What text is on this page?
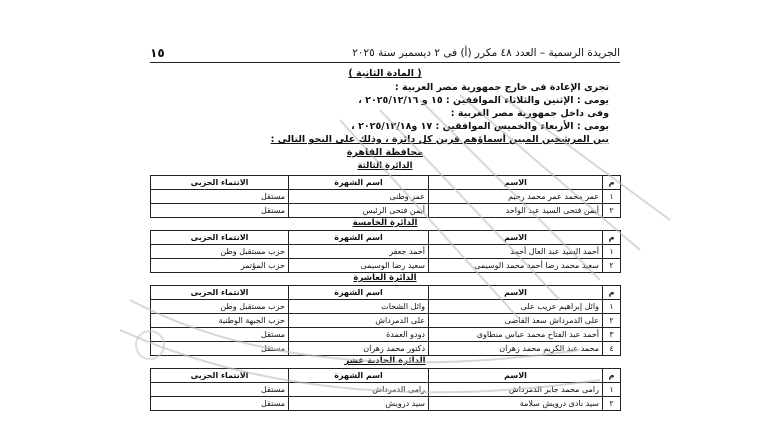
الجريدة الرسمية – العدد ٤٨ مكرر (أ) فى ٢ ديسمبر سنة ٢٠٢٥
١٥
( المادة الثانية )
تجرى الإعادة فى خارج جمهورية مصر العربية :
يومى : الإثنين والثلاثاء الموافقين : ١٥ و ٢٠٢٥/١٢/١٦ ،
وفى داخل جمهورية مصر العربية :
يومى : الأربعاء والخميس الموافقين : ١٧ و٢٠٢٥/١٢/١٨ ،
بين المرشحين المبين أسماؤهم قرين كل دائرة ، وذلك على النحو التالى :
محافظة القاهرة
الدائرة الثالثة
م	الاسم	اسم الشهرة	الانتماء الحزبى
١	عمر محمد عمر محمد رحيم	عمر وطنى	مستقل
٢	أيمن فتحى السيد عبد الواحد	أيمن فتحى الرئيس	مستقل
الدائرة الخامسة
م	الاسم	اسم الشهرة	الانتماء الحزبى
١	أحمد السيد عبد العال أحمد	أحمد جعفر	حزب مستقبل وطن
٢	سعيد محمد رضا أحمد محمد الوسيمى	سعيد رضا الوسيمى	حزب المؤتمر
الدائرة العاشرة
م	الاسم	اسم الشهرة	الانتماء الحزبى
١	وائل إبراهيم عريب على	وائل الشحات	حزب مستقبل وطن
٢	على الدمرداش سعد القاضى	على الدمرداش	حزب الجبهة الوطنية
٣	أحمد عبد الفتاح محمد عباس منطاوى	دودو العمدة	مستقل
٤	محمد عبد الكريم محمد زهران	دكتور محمد زهران	مستقل
الدائرة الحادية عشر
م	الاسم	اسم الشهرة	الانتماء الحزبى
١	رامى محمد جابر الدمرداش	رامى الدمرداش	مستقل
٢	سيد نادى درويش سلامة	سيد درويش	مستقل
